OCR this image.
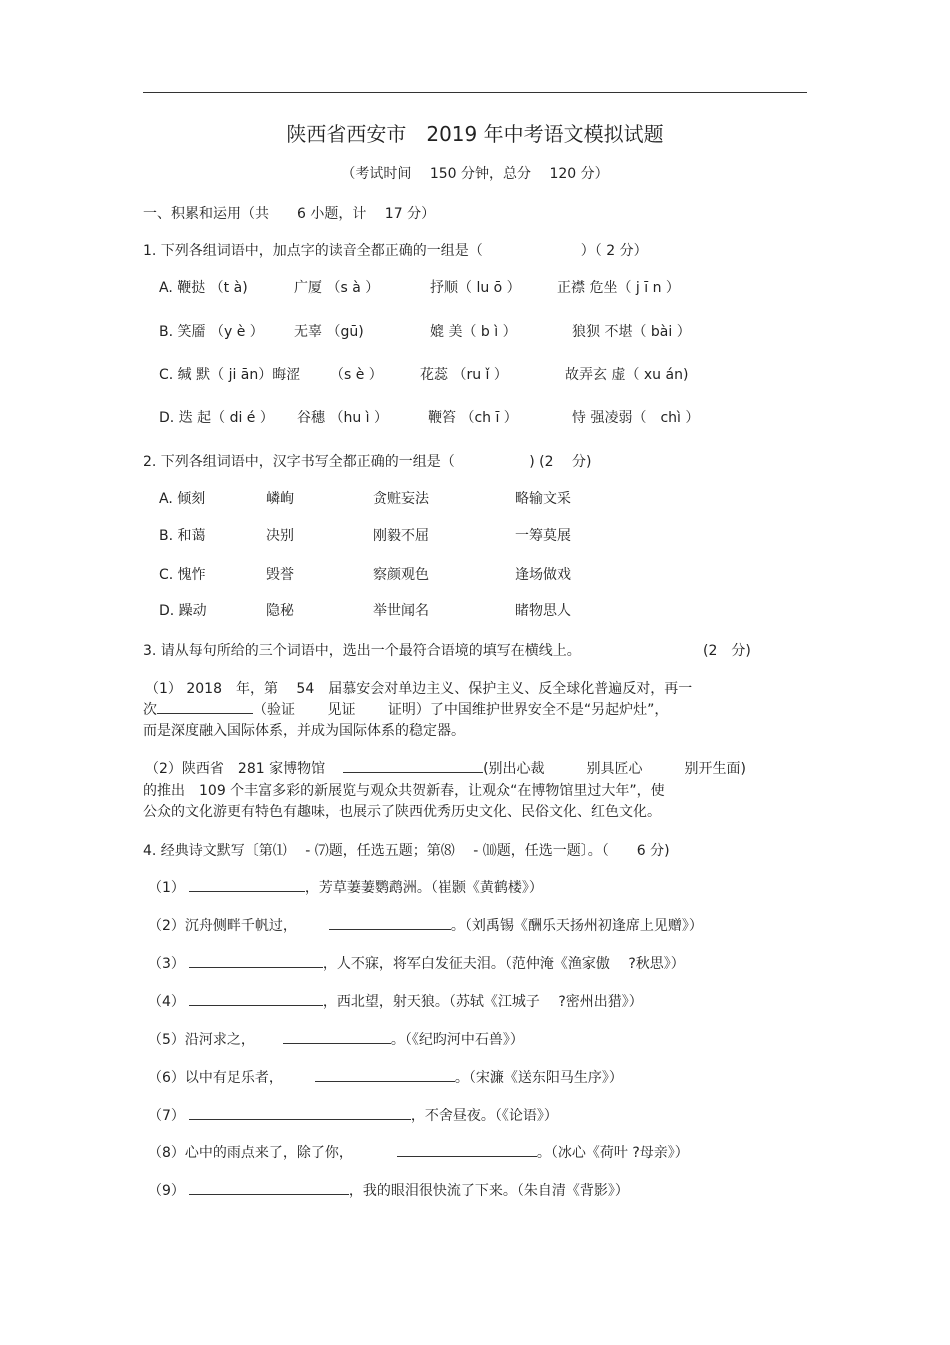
陕西省西安市　2019 年中考语文模拟试题
（考试时间　 150 分钟，总分　 120 分）
一、积累和运用（共　　6 小题，计　 17 分）
1. 下列各组词语中，加点字的读音全都正确的一组是（　　　　　　　）（ 2 分）
A. 鞭挞 （t à)	广厦 （s à ）	抒顺（ lu ō ）	正襟 危坐（ j ī n ）
B. 笑靥 （y è ） 无辜 （gū)	媲 美（ b ì ）	狼狈 不堪（ bài ）
C. 缄 默（ ji ān）晦涩 （s è ）	花蕊 （ru ǐ ）	故弄玄 虚（ xu án)
D. 迭 起（ di é ） 谷穗 （hu ì ）	鞭笞 （ch ī ）	恃 强凌弱（　chì ）
2. 下列各组词语中，汉字书写全都正确的一组是（　　　　　 ) (2　 分)
A. 倾刻	嶙峋	贪赃妄法	略输文采
B. 和蔼	决别	刚毅不屈	一筹莫展
C. 愧怍	毁誉	察颜观色	逢场做戏
D. 躁动	隐秘	举世闻名	睹物思人
3. 请从每句所给的三个词语中，选出一个最符合语境的填写在横线上。	(2　分)
（1） 2018　年，第　 54　届慕安会对单边主义、保护主义、反全球化普遍反对，再一
次	（验证　　 见证　　 证明）了中国维护世界安全不是“另起炉灶”，
而是深度融入国际体系，并成为国际体系的稳定器。
（2）陕西省　281 家博物馆	(别出心裁　　　别具匠心　　　别开生面)
的推出　109 个丰富多彩的新展览与观众共贺新春，让观众“在博物馆里过大年”，使
公众的文化游更有特色有趣味，也展示了陕西优秀历史文化、民俗文化、红色文化。
4. 经典诗文默写〔第⑴　 - ⑺题，任选五题；第⑻　 - ⑽题，任选一题〕。（　　6 分)
（1）	，芳草萋萋鹦鹉洲。（崔颢《黄鹤楼》）
（2）沉舟侧畔千帆过，	。（刘禹锡《酬乐天扬州初逢席上见赠》）
（3）	，人不寐，将军白发征夫泪。（范仲淹《渔家傲　 ?秋思》）
（4）	，西北望，射天狼。（苏轼《江城子　 ?密州出猎》）
（5）沿河求之，	。（《纪昀河中石兽》）
（6）以中有足乐者，	。（宋濂《送东阳马生序》）
（7）	，不舍昼夜。（《论语》）
（8）心中的雨点来了，除了你，	。（冰心《荷叶 ?母亲》）
（9）	，我的眼泪很快流了下来。（朱自清《背影》）
